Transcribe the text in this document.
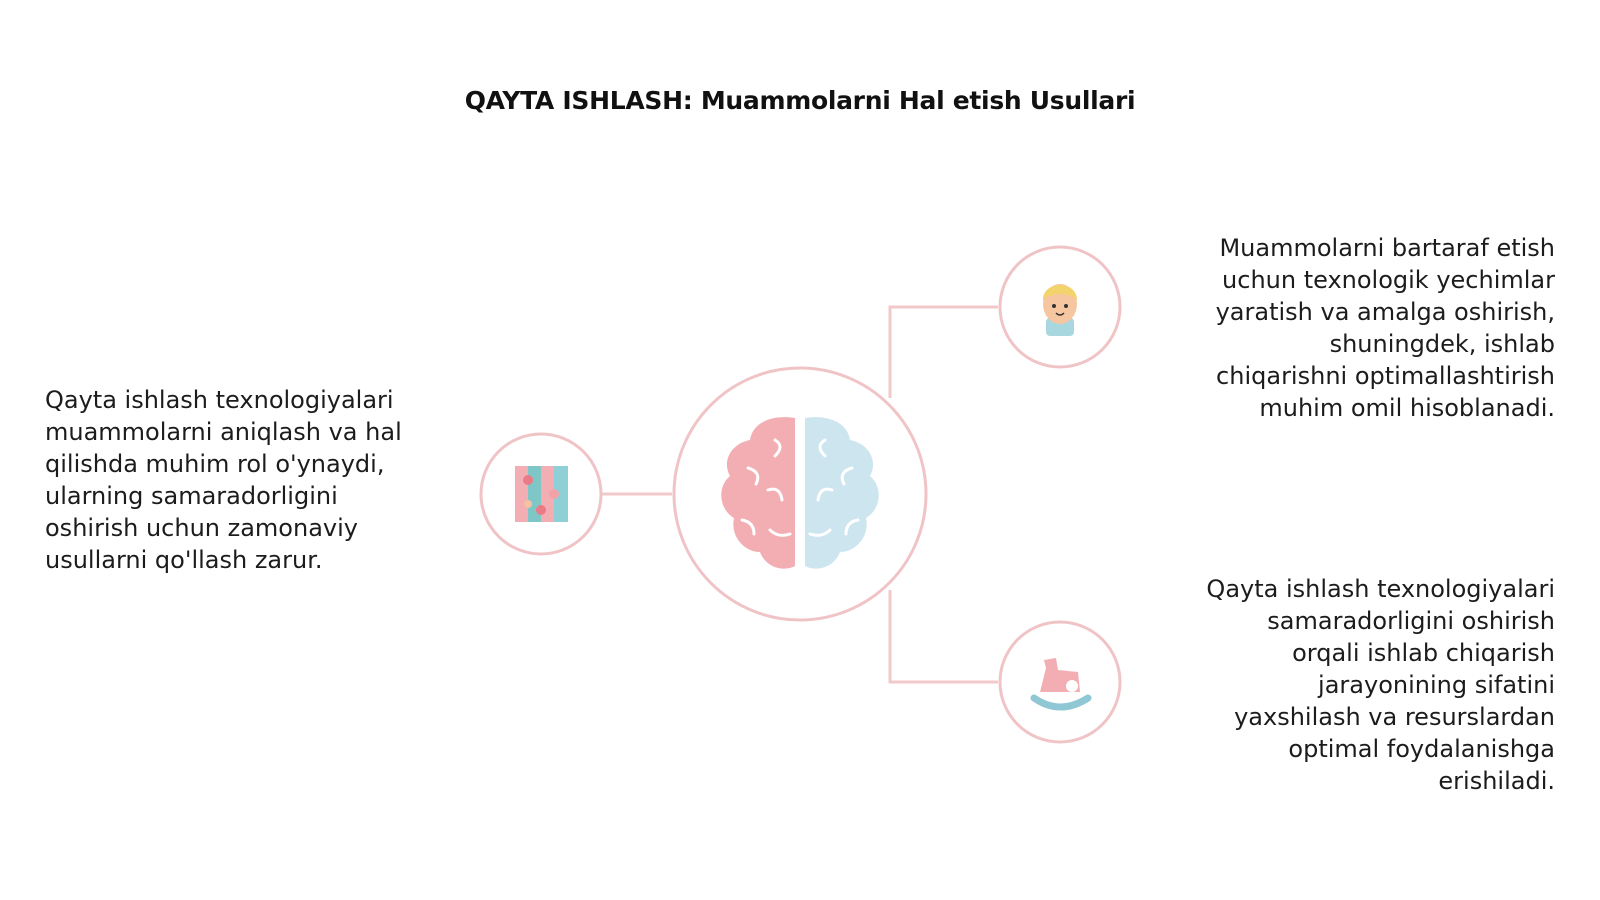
QAYTA ISHLASH: Muammolarni Hal etish Usullari
Qayta ishlash texnologiyalari
muammolarni aniqlash va hal
qilishda muhim rol o'ynaydi,
ularning samaradorligini
oshirish uchun zamonaviy
usullarni qo'llash zarur.
Muammolarni bartaraf etish
uchun texnologik yechimlar
yaratish va amalga oshirish,
shuningdek, ishlab
chiqarishni optimallashtirish
muhim omil hisoblanadi.
Qayta ishlash texnologiyalari
samaradorligini oshirish
orqali ishlab chiqarish
jarayonining sifatini
yaxshilash va resurslardan
optimal foydalanishga
erishiladi.
